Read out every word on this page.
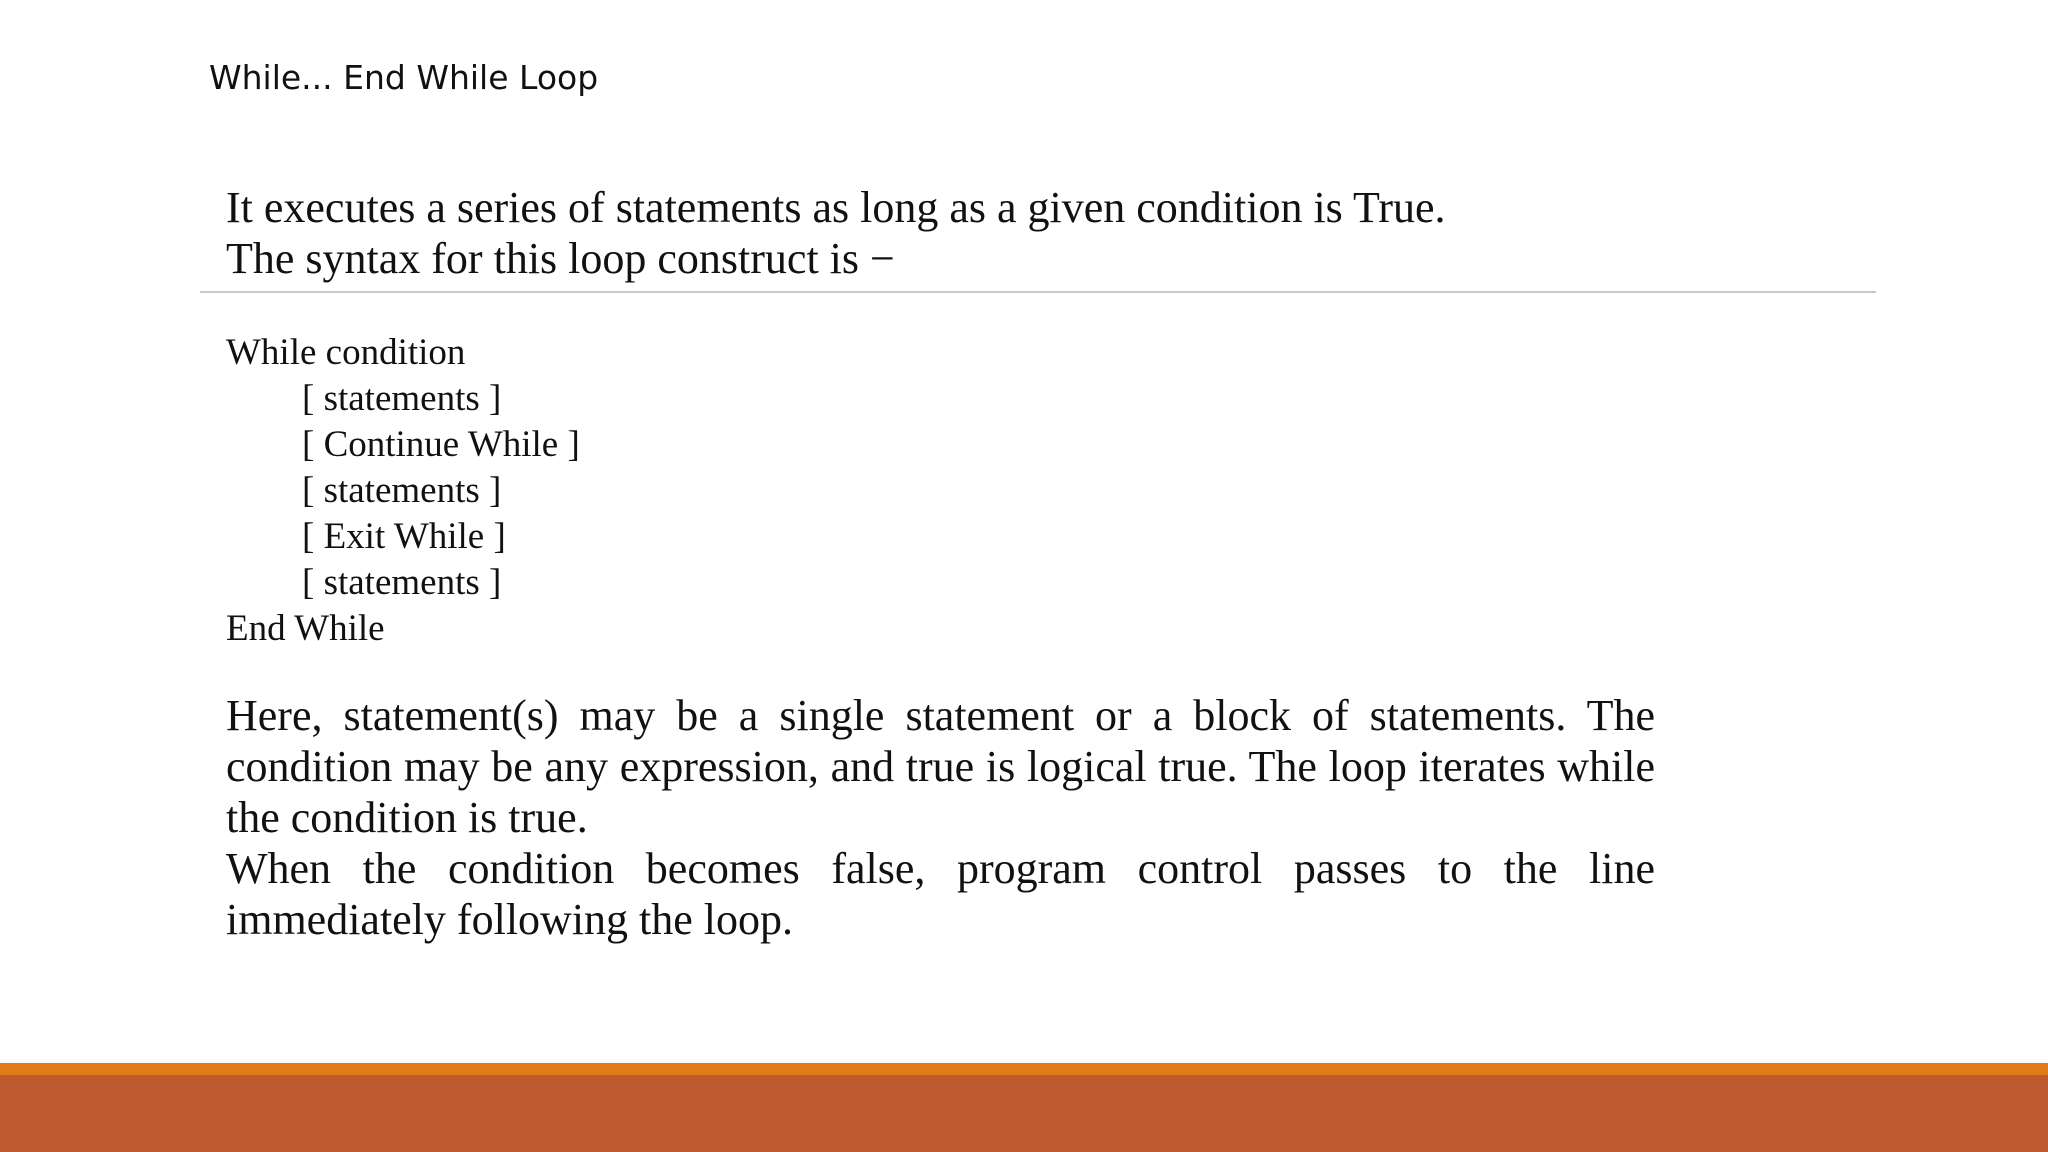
While... End While Loop
It executes a series of statements as long as a given condition is True.
The syntax for this loop construct is −
While condition
[ statements ]
[ Continue While ]
[ statements ]
[ Exit While ]
[ statements ]
End While

Here, statement(s) may be a single statement or a block of statements. The condition may be any expression, and true is logical true. The loop iterates while the condition is true.

When the condition becomes false, program control passes to the line immediately following the loop.
